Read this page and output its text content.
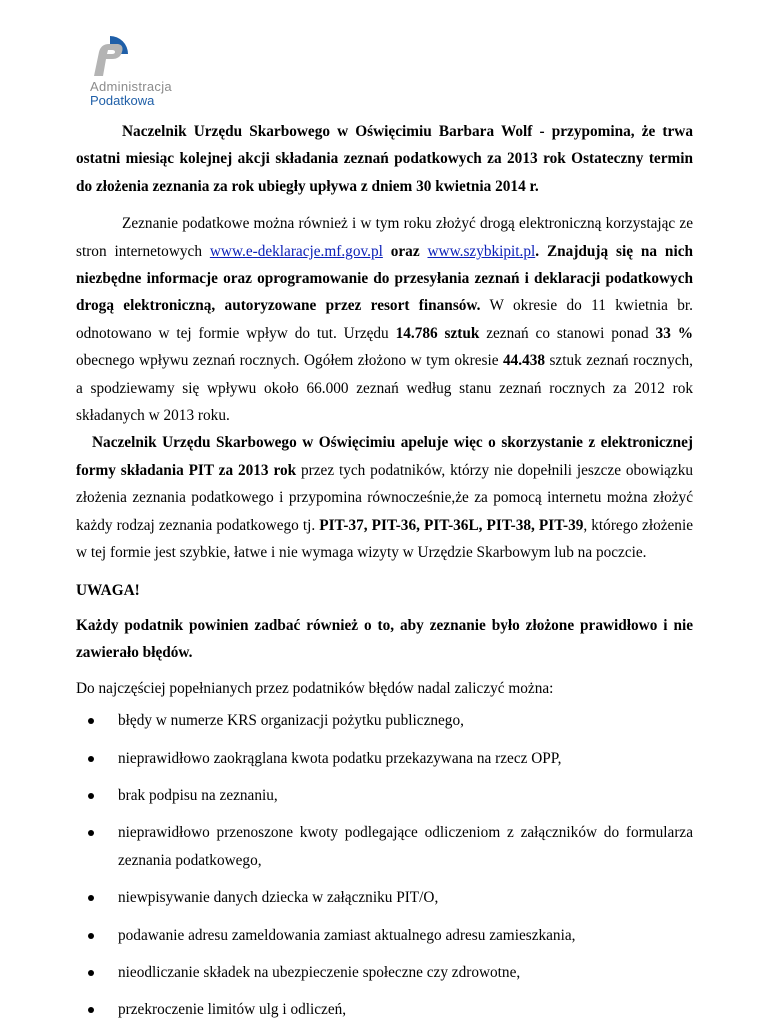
Administracja
Podatkowa

Naczelnik Urzędu Skarbowego w Oświęcimiu Barbara Wolf - przypomina, że trwa ostatni miesiąc kolejnej akcji składania zeznań podatkowych za 2013 rok Ostateczny termin do złożenia zeznania za rok ubiegły upływa z dniem 30 kwietnia 2014 r.

Zeznanie podatkowe można również i w tym roku złożyć drogą elektroniczną korzystając ze stron internetowych www.e-deklaracje.mf.gov.pl oraz www.szybkipit.pl. Znajdują się na nich niezbędne informacje oraz oprogramowanie do przesyłania zeznań i deklaracji podatkowych drogą elektroniczną, autoryzowane przez resort finansów. W okresie do 11 kwietnia br. odnotowano w tej formie wpływ do tut. Urzędu 14.786 sztuk zeznań co stanowi ponad 33 % obecnego wpływu zeznań rocznych. Ogółem złożono w tym okresie 44.438 sztuk zeznań rocznych, a spodziewamy się wpływu około 66.000 zeznań według stanu zeznań rocznych za 2012 rok składanych w 2013 roku.

Naczelnik Urzędu Skarbowego w Oświęcimiu apeluje więc o skorzystanie z elektronicznej formy składania PIT za 2013 rok przez tych podatników, którzy nie dopełnili jeszcze obowiązku złożenia zeznania podatkowego i przypomina równocześnie,że za pomocą internetu można złożyć każdy rodzaj zeznania podatkowego tj. PIT-37, PIT-36, PIT-36L, PIT-38, PIT-39, którego złożenie w tej formie jest szybkie, łatwe i nie wymaga wizyty w Urzędzie Skarbowym lub na poczcie.

UWAGA!

Każdy podatnik powinien zadbać również o to, aby zeznanie było złożone prawidłowo i nie zawierało błędów.

Do najczęściej popełnianych przez podatników błędów nadal zaliczyć można:

błędy w numerze KRS organizacji pożytku publicznego,
nieprawidłowo zaokrąglana kwota podatku przekazywana na rzecz OPP,
brak podpisu na zeznaniu,
nieprawidłowo przenoszone kwoty podlegające odliczeniom z załączników do formularza zeznania podatkowego,
niewpisywanie danych dziecka w załączniku PIT/O,
podawanie adresu zameldowania zamiast aktualnego adresu zamieszkania,
nieodliczanie składek na ubezpieczenie społeczne czy zdrowotne,
przekroczenie limitów ulg i odliczeń,
